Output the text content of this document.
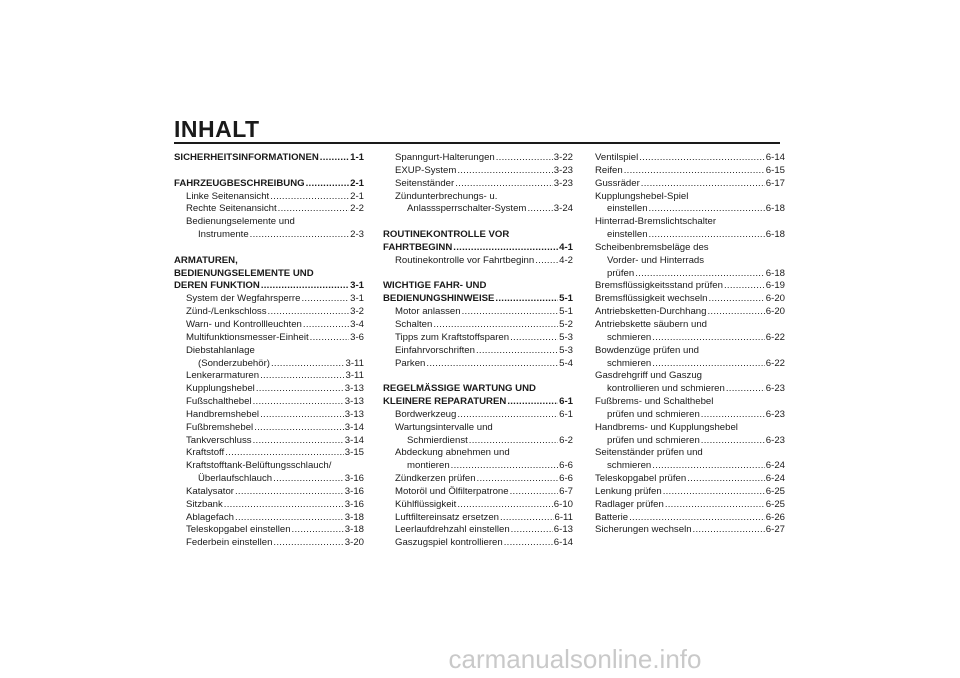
INHALT
SICHERHEITSINFORMATIONEN . . .	1-1
FAHRZEUGBESCHREIBUNG . . .	2-1
Linke Seitenansicht . . .	2-1
Rechte Seitenansicht . . .	2-2
Bedienungselemente und
Instrumente . . .	2-3
ARMATUREN,
BEDIENUNGSELEMENTE UND
DEREN FUNKTION . . .	3-1
System der Wegfahrsperre . . .	3-1
Zünd-/Lenkschloss . . .	3-2
Warn- und Kontrollleuchten . . .	3-4
Multifunktionsmesser-Einheit . . .	3-6
Diebstahlanlage
(Sonderzubehör) . . .	3-11
Lenkerarmaturen . . .	3-11
Kupplungshebel . . .	3-13
Fußschalthebel . . .	3-13
Handbremshebel . . .	3-13
Fußbremshebel . . .	3-14
Tankverschluss . . .	3-14
Kraftstoff . . .	3-15
Kraftstofftank-Belüftungsschlauch/
Überlaufschlauch . . .	3-16
Katalysator . . .	3-16
Sitzbank . . .	3-16
Ablagefach . . .	3-18
Teleskopgabel einstellen . . .	3-18
Federbein einstellen . . .	3-20
Spanngurt-Halterungen . . .	3-22
EXUP-System . . .	3-23
Seitenständer . . .	3-23
Zündunterbrechungs- u.
Anlasssperrschalter-System . . .	3-24
ROUTINEKONTROLLE VOR
FAHRTBEGINN . . .	4-1
Routinekontrolle vor Fahrtbeginn . . .	4-2
WICHTIGE FAHR- UND
BEDIENUNGSHINWEISE . . .	5-1
Motor anlassen . . .	5-1
Schalten . . .	5-2
Tipps zum Kraftstoffsparen . . .	5-3
Einfahrvorschriften . . .	5-3
Parken . . .	5-4
REGELMÄSSIGE WARTUNG UND
KLEINERE REPARATUREN . . .	6-1
Bordwerkzeug . . .	6-1
Wartungsintervalle und
Schmierdienst . . .	6-2
Abdeckung abnehmen und
montieren . . .	6-6
Zündkerzen prüfen . . .	6-6
Motoröl und Ölfilterpatrone . . .	6-7
Kühlflüssigkeit . . .	6-10
Luftfiltereinsatz ersetzen . . .	6-11
Leerlaufdrehzahl einstellen . . .	6-13
Gaszugspiel kontrollieren . . .	6-14
Ventilspiel . . .	6-14
Reifen . . .	6-15
Gussräder . . .	6-17
Kupplungshebel-Spiel
einstellen . . .	6-18
Hinterrad-Bremslichtschalter
einstellen . . .	6-18
Scheibenbremsbeläge des
Vorder- und Hinterrads
prüfen . . .	6-18
Bremsflüssigkeitsstand prüfen . . .	6-19
Bremsflüssigkeit wechseln . . .	6-20
Antriebsketten-Durchhang . . .	6-20
Antriebskette säubern und
schmieren . . .	6-22
Bowdenzüge prüfen und
schmieren . . .	6-22
Gasdrehgriff und Gaszug
kontrollieren und schmieren . . .	6-23
Fußbrems- und Schalthebel
prüfen und schmieren . . .	6-23
Handbrems- und Kupplungshebel
prüfen und schmieren . . .	6-23
Seitenständer prüfen und
schmieren . . .	6-24
Teleskopgabel prüfen . . .	6-24
Lenkung prüfen . . .	6-25
Radlager prüfen . . .	6-25
Batterie . . .	6-26
Sicherungen wechseln . . .	6-27
carmanualsonline.info
